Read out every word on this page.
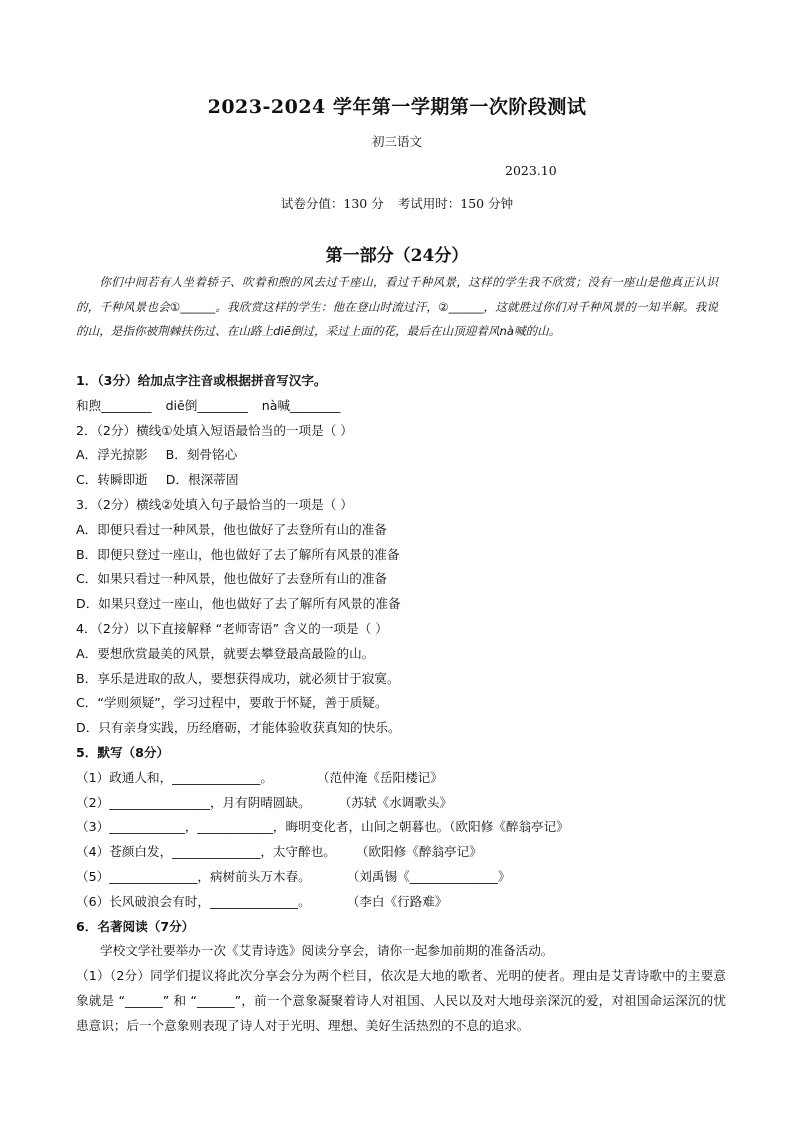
2023-2024 学年第一学期第一次阶段测试
初三语文
2023.10
试卷分值：130 分 考试用时：150 分钟
第一部分（24分）

你们中间若有人坐着轿子、吹着和煦的风去过千座山，看过千种风景，这样的学生我不欣赏；没有一座山是他真正认识的，千种风景也会①______。我欣赏这样的学生：他在登山时流过汗，②______，这就胜过你们对千种风景的一知半解。我说的山，是指你被荆棘扶伤过、在山路上diē倒过，采过上面的花，最后在山顶迎着风nà喊的山。

1．（3分）给加点字注音或根据拼音写汉字。
和煦________ diē倒________ nà喊________
2．（2分）横线①处填入短语最恰当的一项是（ ）
A．浮光掠影 B．刻骨铭心
C．转瞬即逝 D．根深蒂固
3．（2分）横线②处填入句子最恰当的一项是（ ）
A．即便只看过一种风景，他也做好了去登所有山的准备
B．即便只登过一座山，他也做好了去了解所有风景的准备
C．如果只看过一种风景，他也做好了去登所有山的准备
D．如果只登过一座山，他也做好了去了解所有风景的准备
4．（2分）以下直接解释 “老师寄语” 含义的一项是（ ）
A．要想欣赏最美的风景，就要去攀登最高最险的山。
B．享乐是进取的敌人，要想获得成功，就必须甘于寂寞。
C．“学则须疑”，学习过程中，要敢于怀疑，善于质疑。
D．只有亲身实践，历经磨砺，才能体验收获真知的快乐。
5．默写（8分）
（1）政通人和，______________。	（范仲淹《岳阳楼记》
（2）________________，月有阴晴圆缺。 （苏轼《水调歌头》
（3）____________，____________，晦明变化者，山间之朝暮也。（欧阳修《醉翁亭记》
（4）苍颜白发，______________，太守醉也。 （欧阳修《醉翁亭记》
（5）______________，病树前头万木春。	（刘禹锡《______________》
（6）长风破浪会有时，______________。	（李白《行路难》
6．名著阅读（7分）
学校文学社要举办一次《艾青诗选》阅读分享会，请你一起参加前期的准备活动。
（1）（2分）同学们提议将此次分享会分为两个栏目，依次是大地的歌者、光明的使者。理由是艾青诗歌中的主要意象就是 “______” 和 “______”，前一个意象凝聚着诗人对祖国、人民以及对大地母亲深沉的爱，对祖国命运深沉的忧患意识；后一个意象则表现了诗人对于光明、理想、美好生活热烈的不息的追求。
